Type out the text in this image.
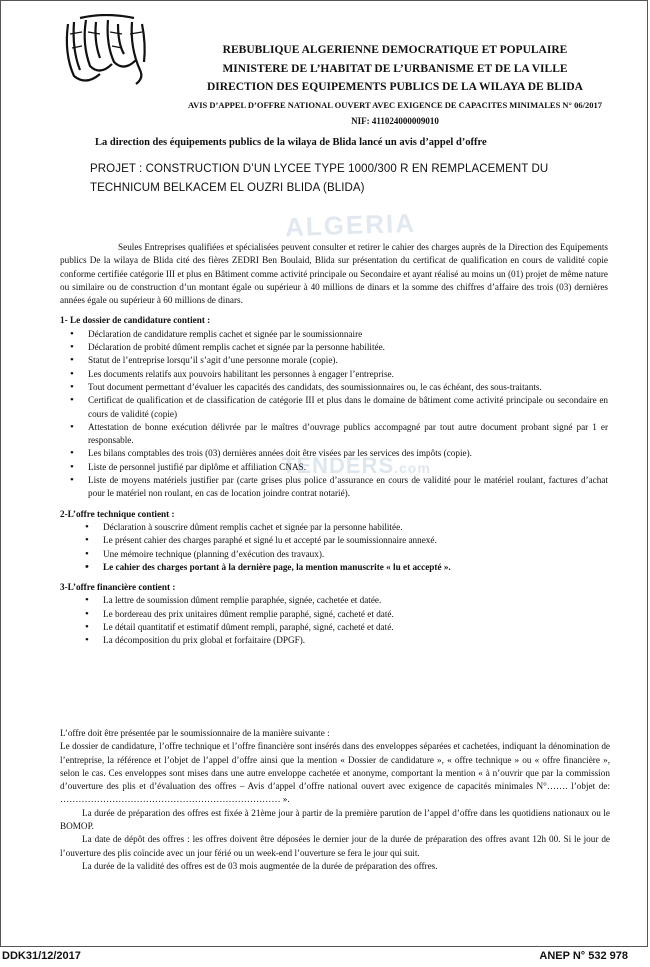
REBUBLIQUE ALGERIENNE DEMOCRATIQUE ET POPULAIRE
MINISTERE DE L’HABITAT DE L’URBANISME ET DE LA VILLE
DIRECTION DES EQUIPEMENTS PUBLICS DE LA WILAYA DE BLIDA
AVIS D’APPEL D’OFFRE NATIONAL OUVERT AVEC EXIGENCE DE CAPACITES MINIMALES N° 06/2017
NIF: 411024000009010
La direction des équipements publics de la wilaya de Blida lancé un avis d’appel d’offre
PROJET : CONSTRUCTION D’UN LYCEE TYPE 1000/300 R EN REMPLACEMENT DU TECHNICUM BELKACEM EL OUZRI BLIDA (BLIDA)
ALGERIA
TENDERS.com

Seules Entreprises qualifiées et spécialisées peuvent consulter et retirer le cahier des charges auprès de la Direction des Equipements publics De la wilaya de Blida cité des fières ZEDRI Ben Boulaid, Blida sur présentation du certificat de qualification en cours de validité copie conforme certifiée catégorie III et plus en Bâtiment comme activité principale ou Secondaire et ayant réalisé au moins un (01) projet de même nature ou similaire ou de construction d’un montant égale ou supérieur à 40 millions de dinars et la somme des chiffres d’affaire des trois (03) dernières années égale ou supérieur à 60 millions de dinars.

1- Le dossier de candidature contient :

• Déclaration de candidature remplis cachet et signée par le soumissionnaire
• Déclaration de probité dûment remplis cachet et signée par la personne habilitée.
• Statut de l’entreprise lorsqu’il s’agit d’une personne morale (copie).
• Les documents relatifs aux pouvoirs habilitant les personnes à engager l’entreprise.
• Tout document permettant d’évaluer les capacités des candidats, des soumissionnaires ou, le cas échéant, des sous-traitants.
• Certificat de qualification et de classification de catégorie III et plus dans le domaine de bâtiment come activité principale ou secondaire en cours de validité (copie)
• Attestation de bonne exécution délivrée par le maîtres d’ouvrage publics accompagné par tout autre document probant signé par 1 er responsable.
• Les bilans comptables des trois (03) dernières années doit être visées par les services des impôts (copie).
• Liste de personnel justifié par diplôme et affiliation CNAS.
• Liste de moyens matériels justifier par (carte grises plus police d’assurance en cours de validité pour le matériel roulant, factures d’achat pour le matériel non roulant, en cas de location joindre contrat notarié).

2-L’offre technique contient :

• Déclaration à souscrire dûment remplis cachet et signée par la personne habilitée.
• Le présent cahier des charges paraphé et signé lu et accepté par le soumissionnaire annexé.
• Une mémoire technique (planning d’exécution des travaux).
• Le cahier des charges portant à la dernière page, la mention manuscrite « lu et accepté ».

3-L’offre financière contient :

• La lettre de soumission dûment remplie paraphée, signée, cachetée et datée.
• Le bordereau des prix unitaires dûment remplie paraphé, signé, cacheté et daté.
• Le détail quantitatif et estimatif dûment rempli, paraphé, signé, cacheté et daté.
• La décomposition du prix global et forfaitaire (DPGF).

L’offre doit être présentée par le soumissionnaire de la manière suivante :

Le dossier de candidature, l’offre technique et l’offre financière sont insérés dans des enveloppes séparées et cachetées, indiquant la dénomination de l’entreprise, la référence et l’objet de l’appel d’offre ainsi que la mention « Dossier de candidature », « offre technique » ou « offre financière », selon le cas. Ces enveloppes sont mises dans une autre enveloppe cachetée et anonyme, comportant la mention « à n’ouvrir que par la commission d’ouverture des plis et d’évaluation des offres – Avis d’appel d’offre national ouvert avec exigence de capacités minimales N°……. l’objet de: ……………………………………………………………… ».

La durée de préparation des offres est fixée à 21ème jour à partir de la première parution de l’appel d’offre dans les quotidiens nationaux ou le BOMOP.

La date de dépôt des offres : les offres doivent être déposées le dernier jour de la durée de préparation des offres avant 12h 00. Si le jour de l’ouverture des plis coïncide avec un jour férié ou un week-end l’ouverture se fera le jour qui suit.

La durée de la validité des offres est de 03 mois augmentée de la durée de préparation des offres.

DDK31/12/2017	ANEP N° 532 978
